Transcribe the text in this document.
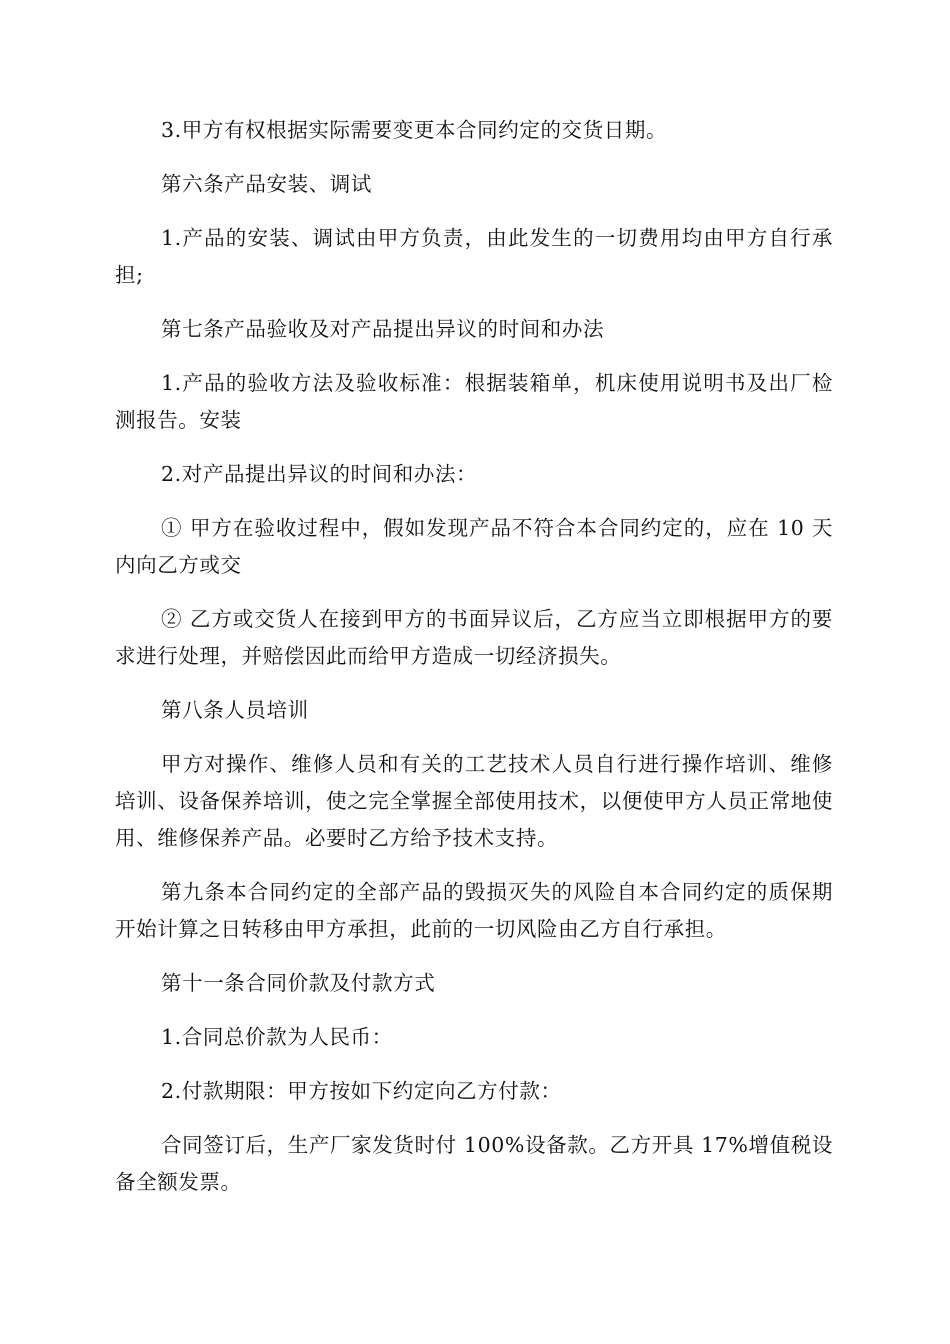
3.甲方有权根据实际需要变更本合同约定的交货日期。

第六条产品安装、调试

1.产品的安装、调试由甲方负责，由此发生的一切费用均由甲方自行承担;

第七条产品验收及对产品提出异议的时间和办法

1.产品的验收方法及验收标准：根据装箱单，机床使用说明书及出厂检测报告。安装

2.对产品提出异议的时间和办法：

① 甲方在验收过程中，假如发现产品不符合本合同约定的，应在 10 天内向乙方或交

② 乙方或交货人在接到甲方的书面异议后，乙方应当立即根据甲方的要求进行处理，并赔偿因此而给甲方造成一切经济损失。

第八条人员培训

甲方对操作、维修人员和有关的工艺技术人员自行进行操作培训、维修培训、设备保养培训，使之完全掌握全部使用技术，以便使甲方人员正常地使用、维修保养产品。必要时乙方给予技术支持。

第九条本合同约定的全部产品的毁损灭失的风险自本合同约定的质保期开始计算之日转移由甲方承担，此前的一切风险由乙方自行承担。

第十一条合同价款及付款方式

1.合同总价款为人民币：

2.付款期限：甲方按如下约定向乙方付款：

合同签订后，生产厂家发货时付 100%设备款。乙方开具 17%增值税设备全额发票。
